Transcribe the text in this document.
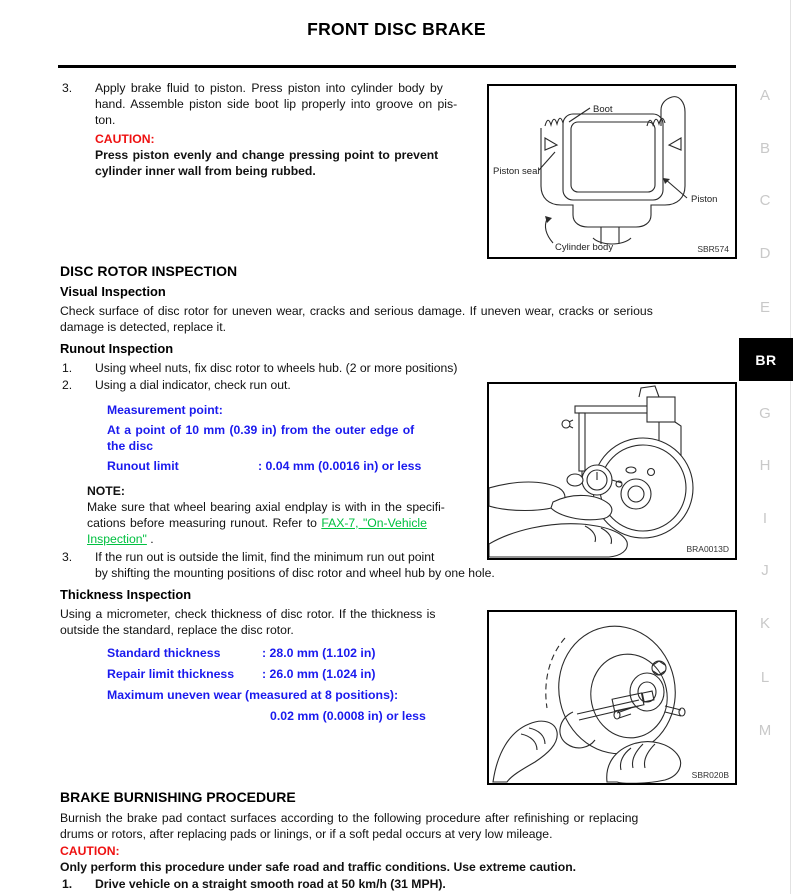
FRONT DISC BRAKE
3.	Apply brake fluid to piston. Press piston into cylinder body by
hand. Assemble piston side boot lip properly into groove on pis-
ton.
CAUTION:
Press piston evenly and change pressing point to prevent
cylinder inner wall from being rubbed.
Boot
Piston seal
Piston
Cylinder body	SBR574
DISC ROTOR INSPECTION
Visual Inspection
Check surface of disc rotor for uneven wear, cracks and serious damage. If uneven wear, cracks or serious
damage is detected, replace it.
Runout Inspection
1.	Using wheel nuts, fix disc rotor to wheels hub. (2 or more positions)
2.	Using a dial indicator, check run out.
Measurement point:
At a point of 10 mm (0.39 in) from the outer edge of
the disc
Runout limit	: 0.04 mm (0.0016 in) or less
NOTE:
Make sure that wheel bearing axial endplay is with in the specifi-
cations before measuring runout. Refer to FAX-7, "On-Vehicle
Inspection" .
3.	If the run out is outside the limit, find the minimum run out point
by shifting the mounting positions of disc rotor and wheel hub by one hole.
BRA0013D
Thickness Inspection
Using a micrometer, check thickness of disc rotor. If the thickness is
outside the standard, replace the disc rotor.
Standard thickness	: 28.0 mm (1.102 in)
Repair limit thickness	: 26.0 mm (1.024 in)
Maximum uneven wear (measured at 8 positions):
0.02 mm (0.0008 in) or less
SBR020B
BRAKE BURNISHING PROCEDURE
Burnish the brake pad contact surfaces according to the following procedure after refinishing or replacing
drums or rotors, after replacing pads or linings, or if a soft pedal occurs at very low mileage.
CAUTION:
Only perform this procedure under safe road and traffic conditions. Use extreme caution.
1.	Drive vehicle on a straight smooth road at 50 km/h (31 MPH).
A
B
C
D
E
BR
G
H
I
J
K
L
M
